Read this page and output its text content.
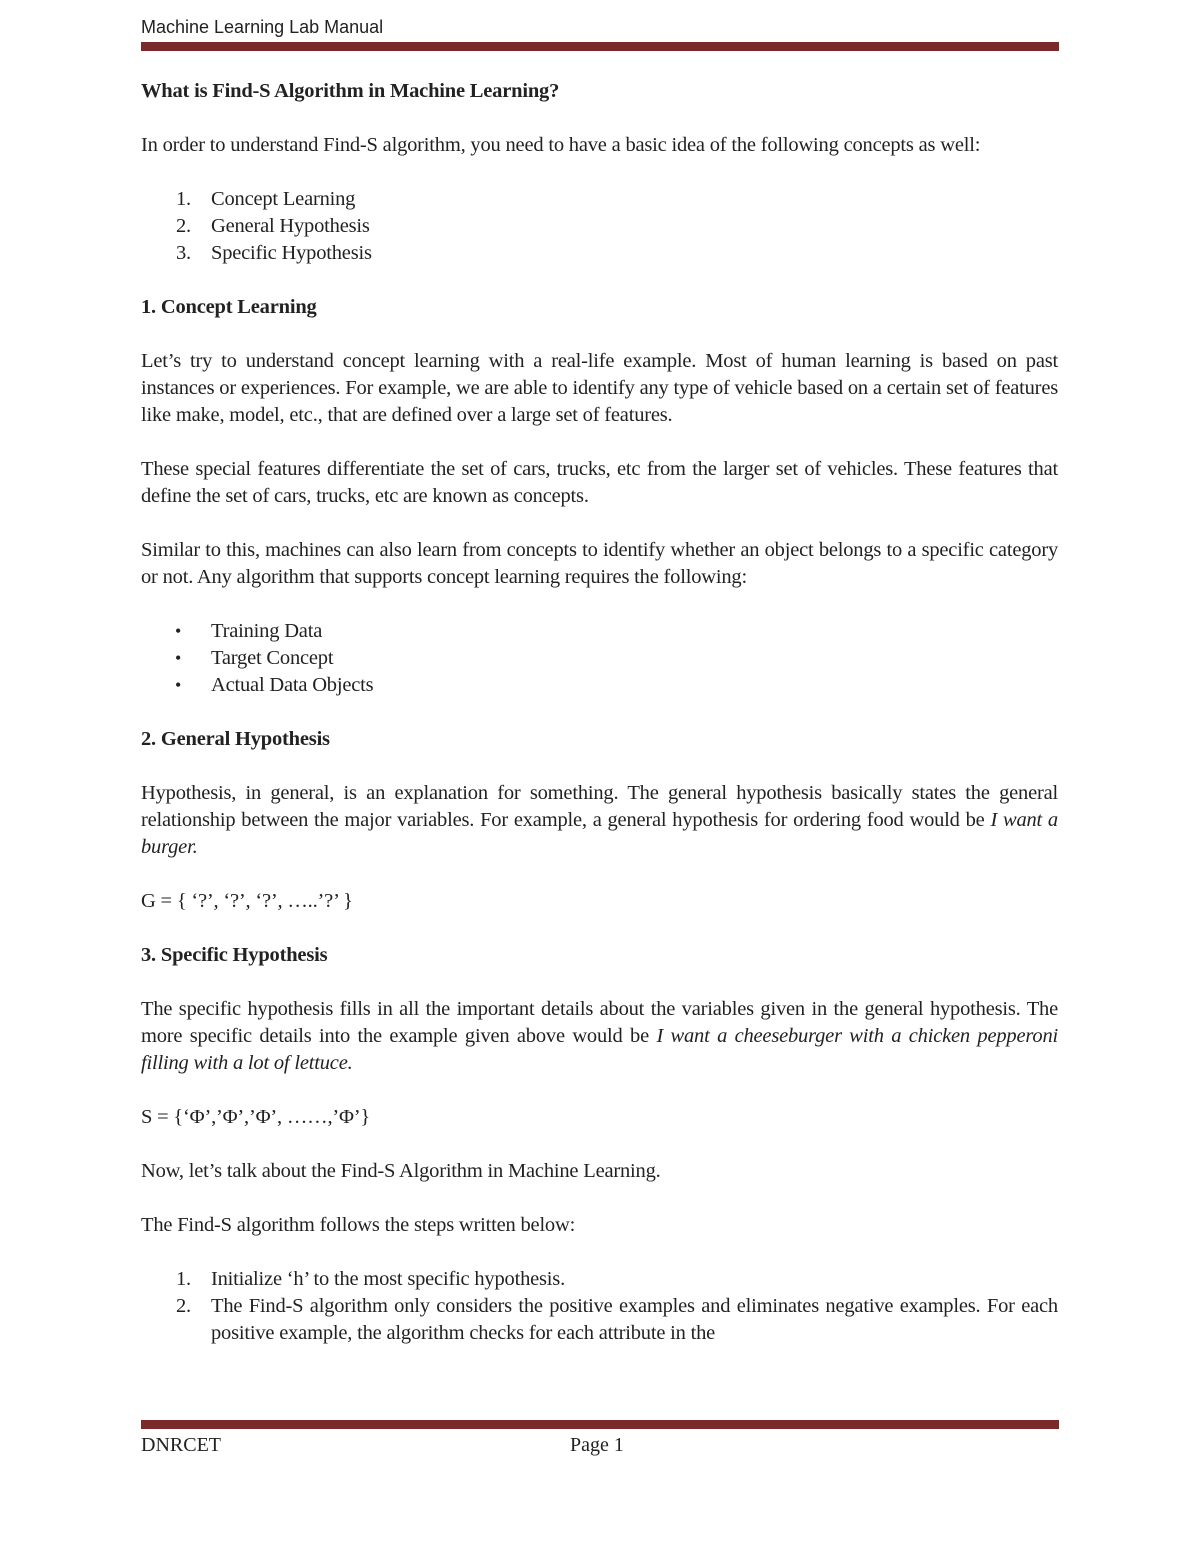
Machine Learning Lab Manual
What is Find-S Algorithm in Machine Learning?

In order to understand Find-S algorithm, you need to have a basic idea of the following concepts as well:

1. Concept Learning
2. General Hypothesis
3. Specific Hypothesis
1. Concept Learning

Let’s try to understand concept learning with a real-life example. Most of human learning is based on past instances or experiences. For example, we are able to identify any type of vehicle based on a certain set of features like make, model, etc., that are defined over a large set of features.

These special features differentiate the set of cars, trucks, etc from the larger set of vehicles. These features that define the set of cars, trucks, etc are known as concepts.

Similar to this, machines can also learn from concepts to identify whether an object belongs to a specific category or not. Any algorithm that supports concept learning requires the following:

• Training Data
• Target Concept
• Actual Data Objects
2. General Hypothesis

Hypothesis, in general, is an explanation for something. The general hypothesis basically states the general relationship between the major variables. For example, a general hypothesis for ordering food would be I want a burger.

G = { ‘?’, ‘?’, ‘?’, …..’?’ }

3. Specific Hypothesis

The specific hypothesis fills in all the important details about the variables given in the general hypothesis. The more specific details into the example given above would be I want a cheeseburger with a chicken pepperoni filling with a lot of lettuce.

S = {‘Φ’,’Φ’,’Φ’, ……,’Φ’}

Now, let’s talk about the Find-S Algorithm in Machine Learning.

The Find-S algorithm follows the steps written below:

1. Initialize ‘h’ to the most specific hypothesis.
2. The Find-S algorithm only considers the positive examples and eliminates negative examples. For each positive example, the algorithm checks for each attribute in the
DNRCET	Page 1
